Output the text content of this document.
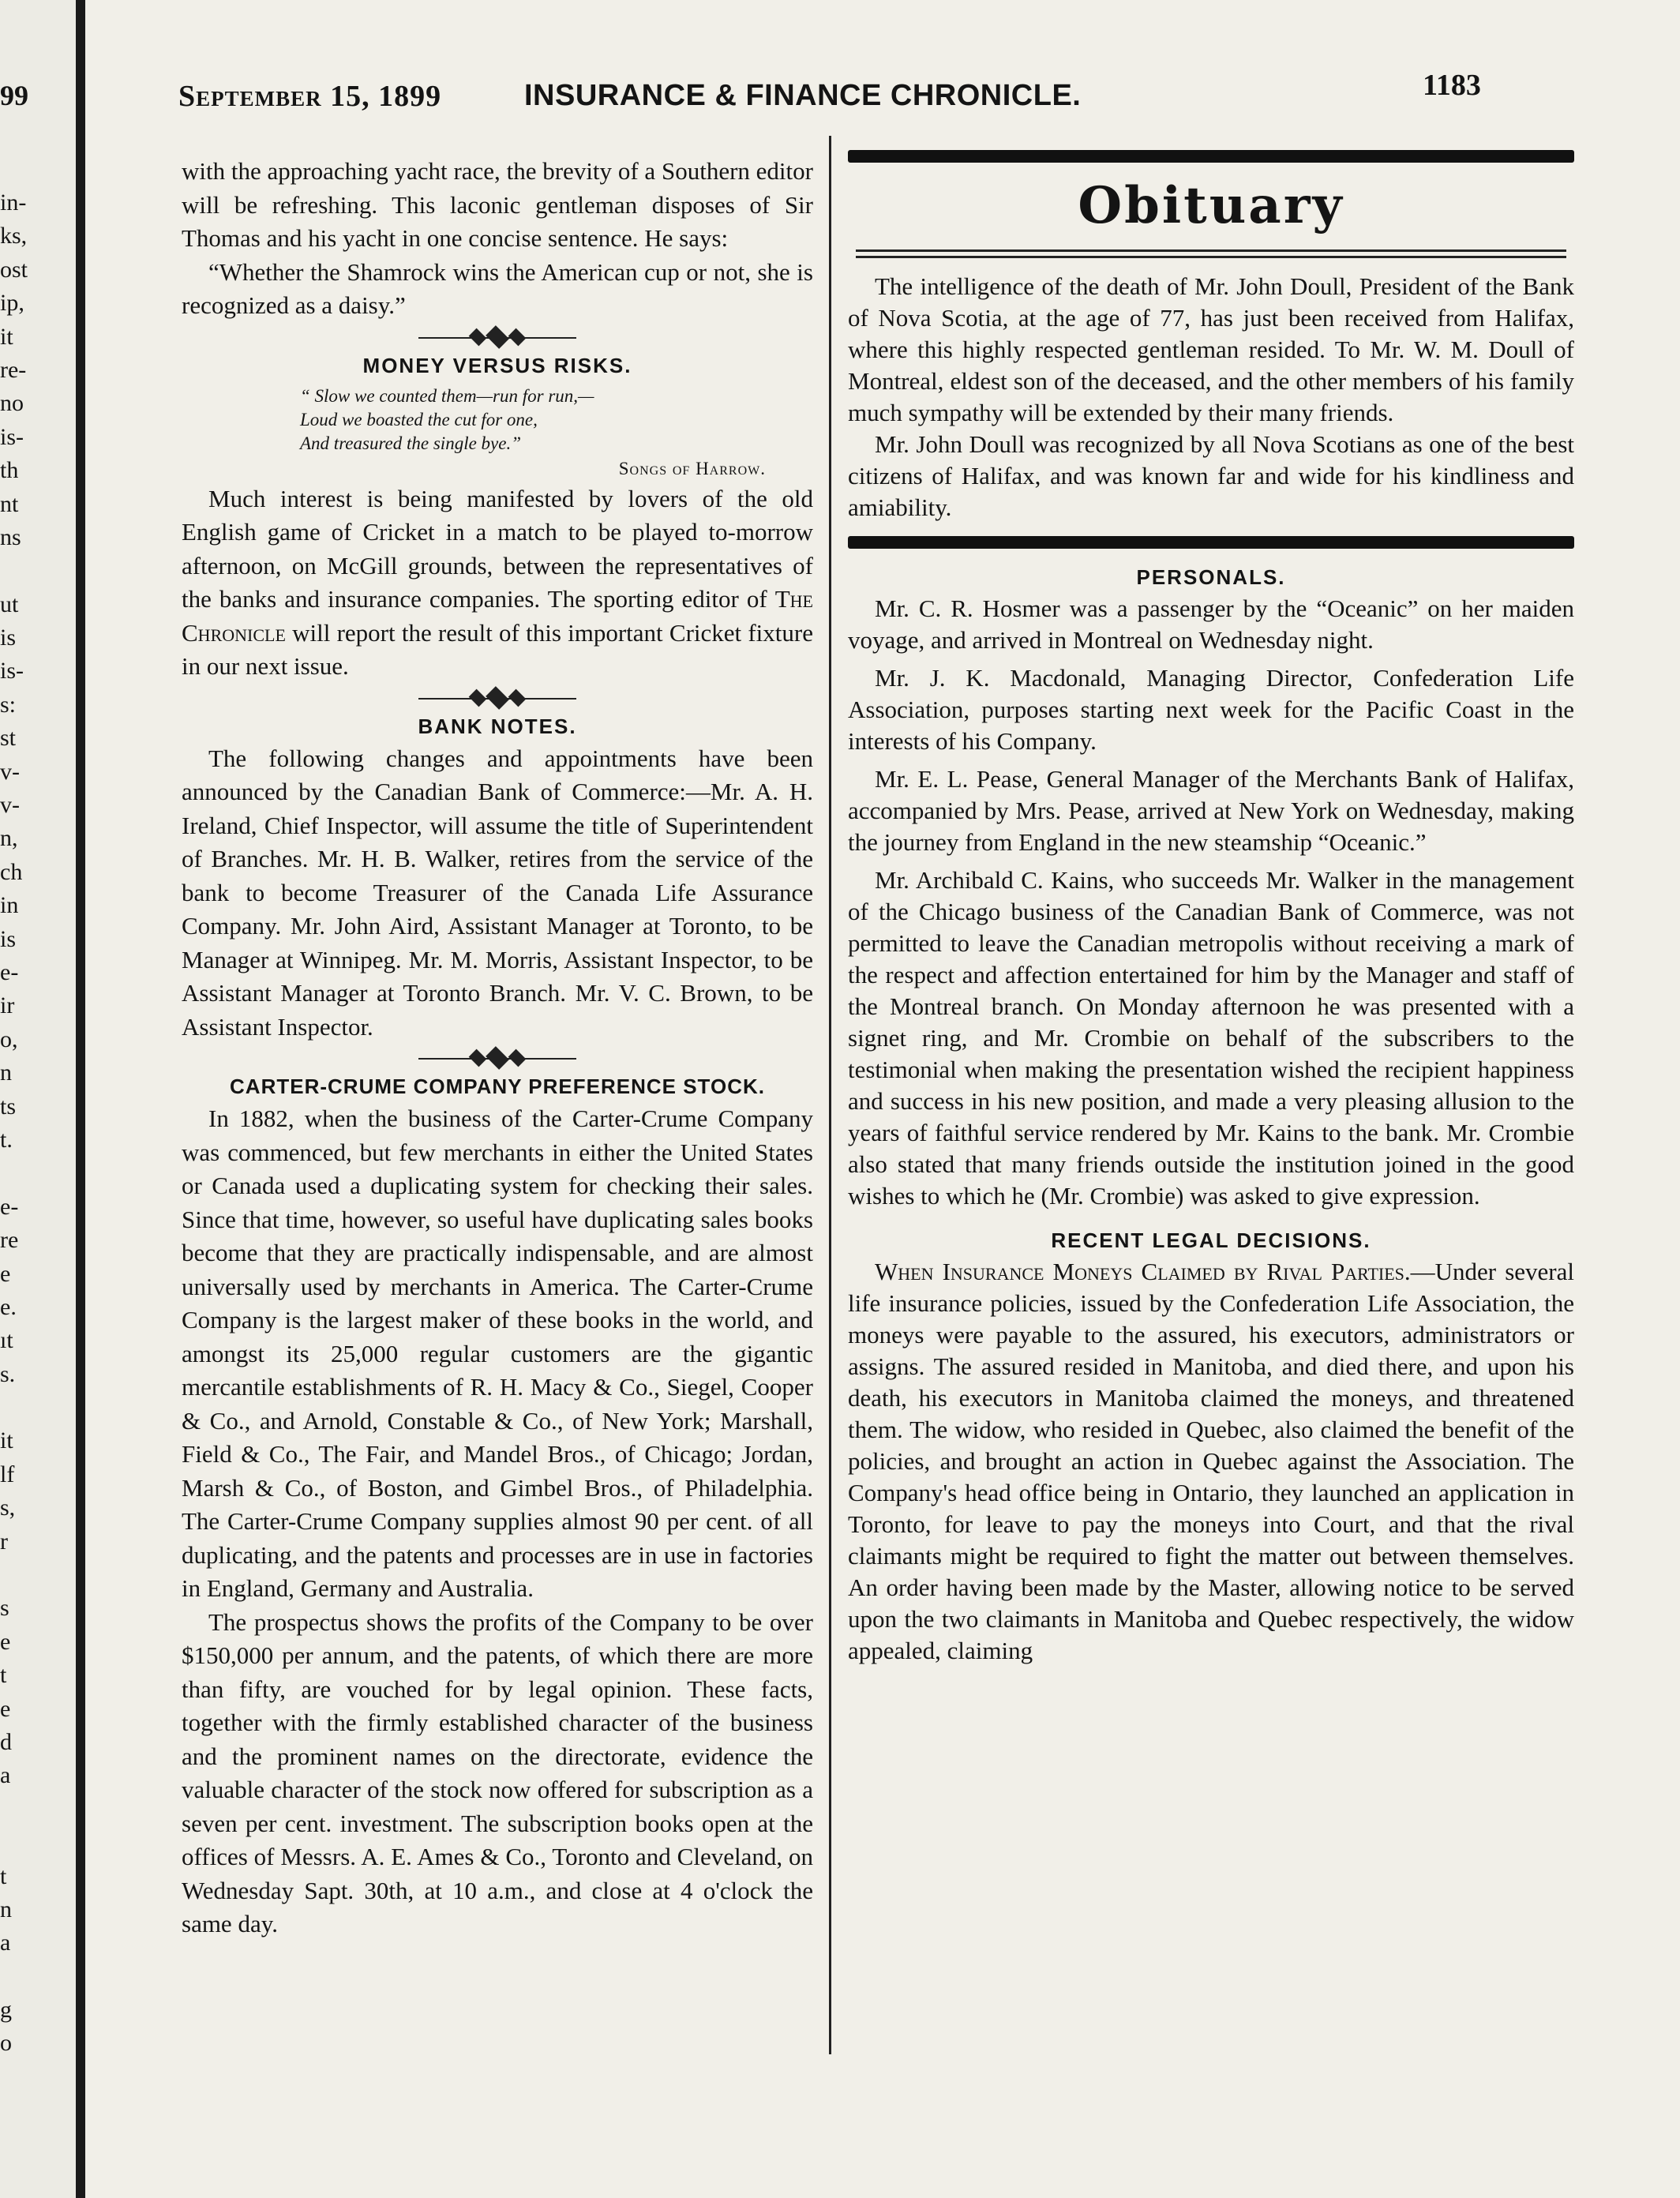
99
in-
ks,
ost
ip,
it
re-
no
is-
th
nt
ns
ut
is
is-
s:
st
v-
v-
n,
ch
in
is
e-
ir
o,
n
ts
t.
e-
re
e
e.
ıt
s.
it
lf
s,
r
s
e
t
e
d
a
t
n
a
g
o
September 15, 1899	INSURANCE & FINANCE CHRONICLE.	1183

with the approaching yacht race, the brevity of a Southern editor will be refreshing. This laconic gentleman disposes of Sir Thomas and his yacht in one concise sentence. He says:

“Whether the Shamrock wins the American cup or not, she is recognized as a daisy.”

MONEY VERSUS RISKS.
“ Slow we counted them—run for run,—
Loud we boasted the cut for one,
And treasured the single bye.”
Songs of Harrow.

Much interest is being manifested by lovers of the old English game of Cricket in a match to be played to-morrow afternoon, on McGill grounds, between the representatives of the banks and insurance companies. The sporting editor of The Chronicle will report the result of this important Cricket fixture in our next issue.

BANK NOTES.

The following changes and appointments have been announced by the Canadian Bank of Commerce:—Mr. A. H. Ireland, Chief Inspector, will assume the title of Superintendent of Branches. Mr. H. B. Walker, retires from the service of the bank to become Treasurer of the Canada Life Assurance Company. Mr. John Aird, Assistant Manager at Toronto, to be Manager at Winnipeg. Mr. M. Morris, Assistant Inspector, to be Assistant Manager at Toronto Branch. Mr. V. C. Brown, to be Assistant Inspector.

CARTER-CRUME COMPANY PREFERENCE STOCK.

In 1882, when the business of the Carter-Crume Company was commenced, but few merchants in either the United States or Canada used a duplicating system for checking their sales. Since that time, however, so useful have duplicating sales books become that they are practically indispensable, and are almost universally used by merchants in America. The Carter-Crume Company is the largest maker of these books in the world, and amongst its 25,000 regular customers are the gigantic mercantile establishments of R. H. Macy & Co., Siegel, Cooper & Co., and Arnold, Constable & Co., of New York; Marshall, Field & Co., The Fair, and Mandel Bros., of Chicago; Jordan, Marsh & Co., of Boston, and Gimbel Bros., of Philadelphia. The Carter-Crume Company supplies almost 90 per cent. of all duplicating, and the patents and processes are in use in factories in England, Germany and Australia.

The prospectus shows the profits of the Company to be over $150,000 per annum, and the patents, of which there are more than fifty, are vouched for by legal opinion. These facts, together with the firmly established character of the business and the prominent names on the directorate, evidence the valuable character of the stock now offered for subscription as a seven per cent. investment. The subscription books open at the offices of Messrs. A. E. Ames & Co., Toronto and Cleveland, on Wednesday Sapt. 30th, at 10 a.m., and close at 4 o'clock the same day.

Obituary

The intelligence of the death of Mr. John Doull, President of the Bank of Nova Scotia, at the age of 77, has just been received from Halifax, where this highly respected gentleman resided. To Mr. W. M. Doull of Montreal, eldest son of the deceased, and the other members of his family much sympathy will be extended by their many friends.

Mr. John Doull was recognized by all Nova Scotians as one of the best citizens of Halifax, and was known far and wide for his kindliness and amiability.

PERSONALS.

Mr. C. R. Hosmer was a passenger by the “Oceanic” on her maiden voyage, and arrived in Montreal on Wednesday night.

Mr. J. K. Macdonald, Managing Director, Confederation Life Association, purposes starting next week for the Pacific Coast in the interests of his Company.

Mr. E. L. Pease, General Manager of the Merchants Bank of Halifax, accompanied by Mrs. Pease, arrived at New York on Wednesday, making the journey from England in the new steamship “Oceanic.”

Mr. Archibald C. Kains, who succeeds Mr. Walker in the management of the Chicago business of the Canadian Bank of Commerce, was not permitted to leave the Canadian metropolis without receiving a mark of the respect and affection entertained for him by the Manager and staff of the Montreal branch. On Monday afternoon he was presented with a signet ring, and Mr. Crombie on behalf of the subscribers to the testimonial when making the presentation wished the recipient happiness and success in his new position, and made a very pleasing allusion to the years of faithful service rendered by Mr. Kains to the bank. Mr. Crombie also stated that many friends outside the institution joined in the good wishes to which he (Mr. Crombie) was asked to give expression.

RECENT LEGAL DECISIONS.

When Insurance Moneys Claimed by Rival Parties.—Under several life insurance policies, issued by the Confederation Life Association, the moneys were payable to the assured, his executors, administrators or assigns. The assured resided in Manitoba, and died there, and upon his death, his executors in Manitoba claimed the moneys, and threatened them. The widow, who resided in Quebec, also claimed the benefit of the policies, and brought an action in Quebec against the Association. The Company's head office being in Ontario, they launched an application in Toronto, for leave to pay the moneys into Court, and that the rival claimants might be required to fight the matter out between themselves. An order having been made by the Master, allowing notice to be served upon the two claimants in Manitoba and Quebec respectively, the widow appealed, claiming
